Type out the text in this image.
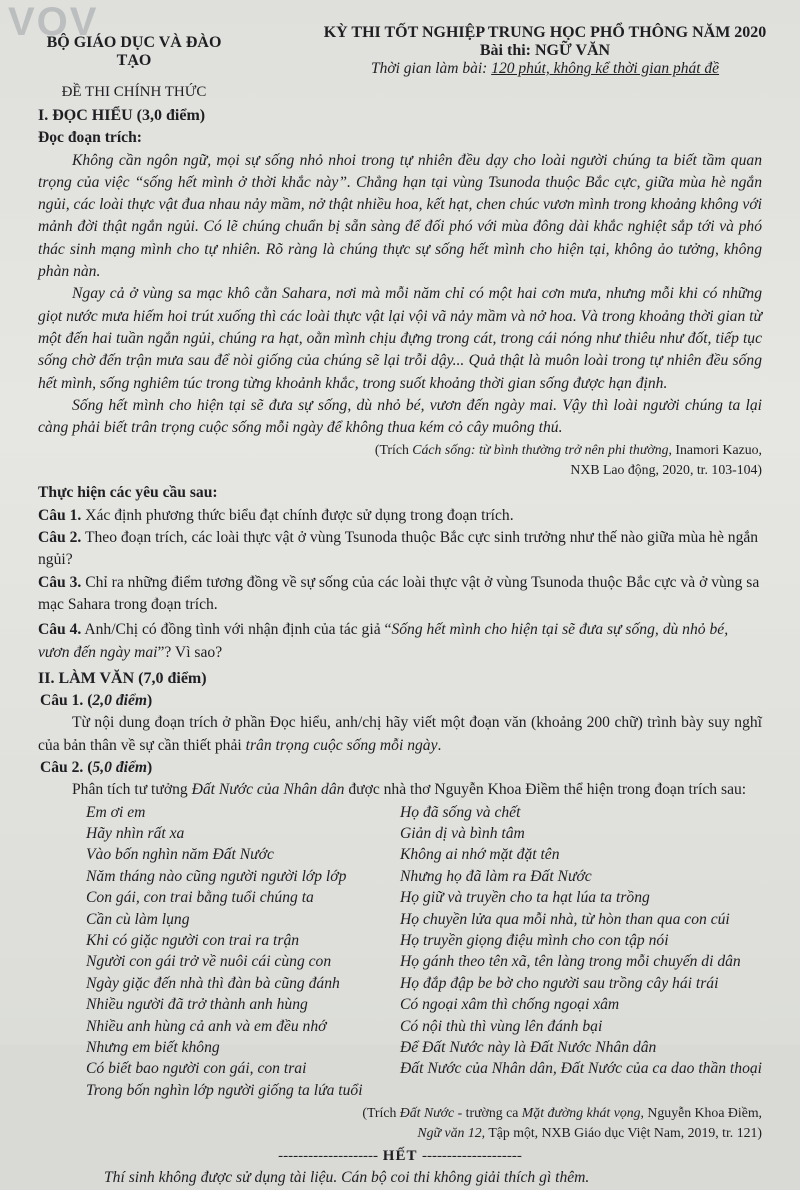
VOV
BỘ GIÁO DỤC VÀ ĐÀO TẠO
ĐỀ THI CHÍNH THỨC
KỲ THI TỐT NGHIỆP TRUNG HỌC PHỔ THÔNG NĂM 2020
Bài thi: NGỮ VĂN
Thời gian làm bài: 120 phút, không kể thời gian phát đề
I. ĐỌC HIỂU (3,0 điểm)
Đọc đoạn trích:

Không cần ngôn ngữ, mọi sự sống nhỏ nhoi trong tự nhiên đều dạy cho loài người chúng ta biết tầm quan trọng của việc “sống hết mình ở thời khắc này”. Chẳng hạn tại vùng Tsunoda thuộc Bắc cực, giữa mùa hè ngắn ngủi, các loài thực vật đua nhau nảy mầm, nở thật nhiều hoa, kết hạt, chen chúc vươn mình trong khoảng không với mảnh đời thật ngắn ngủi. Có lẽ chúng chuẩn bị sẵn sàng để đối phó với mùa đông dài khắc nghiệt sắp tới và phó thác sinh mạng mình cho tự nhiên. Rõ ràng là chúng thực sự sống hết mình cho hiện tại, không ảo tưởng, không phàn nàn.

Ngay cả ở vùng sa mạc khô cằn Sahara, nơi mà mỗi năm chỉ có một hai cơn mưa, nhưng mỗi khi có những giọt nước mưa hiếm hoi trút xuống thì các loài thực vật lại vội vã nảy mầm và nở hoa. Và trong khoảng thời gian từ một đến hai tuần ngắn ngủi, chúng ra hạt, oằn mình chịu đựng trong cát, trong cái nóng như thiêu như đốt, tiếp tục sống chờ đến trận mưa sau để nòi giống của chúng sẽ lại trỗi dậy... Quả thật là muôn loài trong tự nhiên đều sống hết mình, sống nghiêm túc trong từng khoảnh khắc, trong suốt khoảng thời gian sống được hạn định.

Sống hết mình cho hiện tại sẽ đưa sự sống, dù nhỏ bé, vươn đến ngày mai. Vậy thì loài người chúng ta lại càng phải biết trân trọng cuộc sống mỗi ngày để không thua kém cỏ cây muông thú.

(Trích Cách sống: từ bình thường trở nên phi thường, Inamori Kazuo,
NXB Lao động, 2020, tr. 103-104)
Thực hiện các yêu cầu sau:

Câu 1. Xác định phương thức biểu đạt chính được sử dụng trong đoạn trích.

Câu 2. Theo đoạn trích, các loài thực vật ở vùng Tsunoda thuộc Bắc cực sinh trưởng như thế nào giữa mùa hè ngắn ngủi?

Câu 3. Chỉ ra những điểm tương đồng về sự sống của các loài thực vật ở vùng Tsunoda thuộc Bắc cực và ở vùng sa mạc Sahara trong đoạn trích.

Câu 4. Anh/Chị có đồng tình với nhận định của tác giả “Sống hết mình cho hiện tại sẽ đưa sự sống, dù nhỏ bé, vươn đến ngày mai”? Vì sao?

II. LÀM VĂN (7,0 điểm)
Câu 1. (2,0 điểm)

Từ nội dung đoạn trích ở phần Đọc hiểu, anh/chị hãy viết một đoạn văn (khoảng 200 chữ) trình bày suy nghĩ của bản thân về sự cần thiết phải trân trọng cuộc sống mỗi ngày.

Câu 2. (5,0 điểm)

Phân tích tư tưởng Đất Nước của Nhân dân được nhà thơ Nguyễn Khoa Điềm thể hiện trong đoạn trích sau:

Em ơi em
Hãy nhìn rất xa
Vào bốn nghìn năm Đất Nước
Năm tháng nào cũng người người lớp lớp
Con gái, con trai bằng tuổi chúng ta
Cần cù làm lụng
Khi có giặc người con trai ra trận
Người con gái trở về nuôi cái cùng con
Ngày giặc đến nhà thì đàn bà cũng đánh
Nhiều người đã trở thành anh hùng
Nhiều anh hùng cả anh và em đều nhớ
Nhưng em biết không
Có biết bao người con gái, con trai
Trong bốn nghìn lớp người giống ta lứa tuổi
Họ đã sống và chết
Giản dị và bình tâm
Không ai nhớ mặt đặt tên
Nhưng họ đã làm ra Đất Nước
Họ giữ và truyền cho ta hạt lúa ta trồng
Họ chuyền lửa qua mỗi nhà, từ hòn than qua con cúi
Họ truyền giọng điệu mình cho con tập nói
Họ gánh theo tên xã, tên làng trong mỗi chuyến di dân
Họ đắp đập be bờ cho người sau trồng cây hái trái
Có ngoại xâm thì chống ngoại xâm
Có nội thù thì vùng lên đánh bại
Để Đất Nước này là Đất Nước Nhân dân
Đất Nước của Nhân dân, Đất Nước của ca dao thần thoại
(Trích Đất Nước - trường ca Mặt đường khát vọng, Nguyễn Khoa Điềm,
Ngữ văn 12, Tập một, NXB Giáo dục Việt Nam, 2019, tr. 121)
-------------------- HẾT --------------------

Thí sinh không được sử dụng tài liệu. Cán bộ coi thi không giải thích gì thêm.
